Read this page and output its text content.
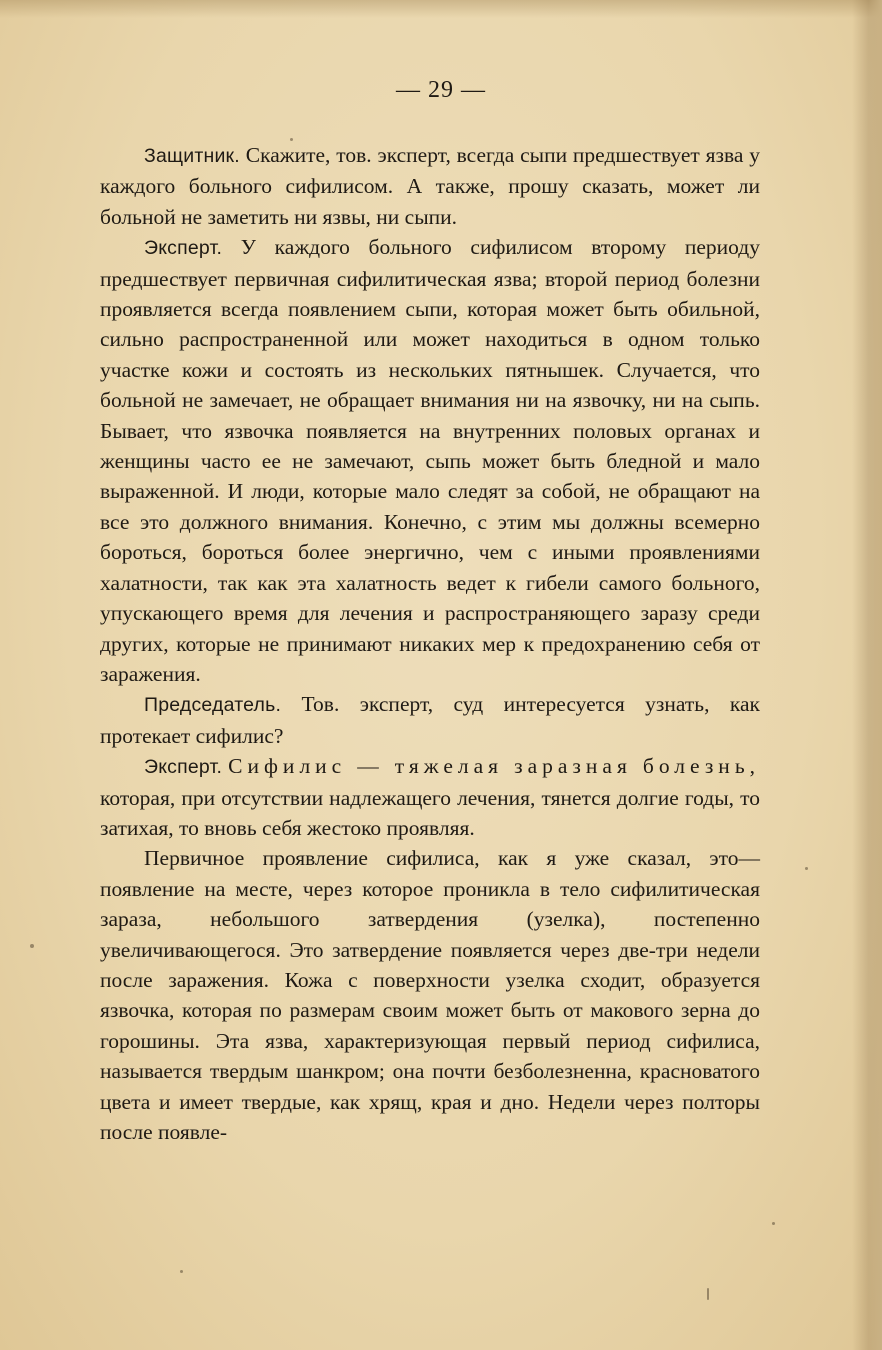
— 29 —

Защитник. Скажите, тов. эксперт, всегда сыпи предшествует язва у каждого больного сифилисом. А также, прошу сказать, может ли больной не заметить ни язвы, ни сыпи.

Эксперт. У каждого больного сифилисом второму периоду предшествует первичная сифилитическая язва; второй период болезни проявляется всегда появлением сыпи, которая может быть обильной, сильно распространенной или может находиться в одном только участке кожи и состоять из нескольких пятнышек. Случается, что больной не замечает, не обращает внимания ни на язвочку, ни на сыпь. Бывает, что язвочка появляется на внутренних половых органах и женщины часто ее не замечают, сыпь может быть бледной и мало выраженной. И люди, которые мало следят за собой, не обращают на все это должного внимания. Конечно, с этим мы должны всемерно бороться, бороться более энергично, чем с иными проявлениями халатности, так как эта халатность ведет к гибели самого больного, упускающего время для лечения и распространяющего заразу среди других, которые не принимают никаких мер к предохранению себя от заражения.

Председатель. Тов. эксперт, суд интересуется узнать, как протекает сифилис?

Эксперт. Сифилис — тяжелая заразная болезнь, которая, при отсутствии надлежащего лечения, тянется долгие годы, то затихая, то вновь себя жестоко проявляя.

Первичное проявление сифилиса, как я уже сказал, это—появление на месте, через которое проникла в тело сифилитическая зараза, небольшого затвердения (узелка), постепенно увеличивающегося. Это затвердение появляется через две-три недели после заражения. Кожа с поверхности узелка сходит, образуется язвочка, которая по размерам своим может быть от макового зерна до горошины. Эта язва, характеризующая первый период сифилиса, называется твердым шанкром; она почти безболезненна, красноватого цвета и имеет твердые, как хрящ, края и дно. Недели через полторы после появле-
